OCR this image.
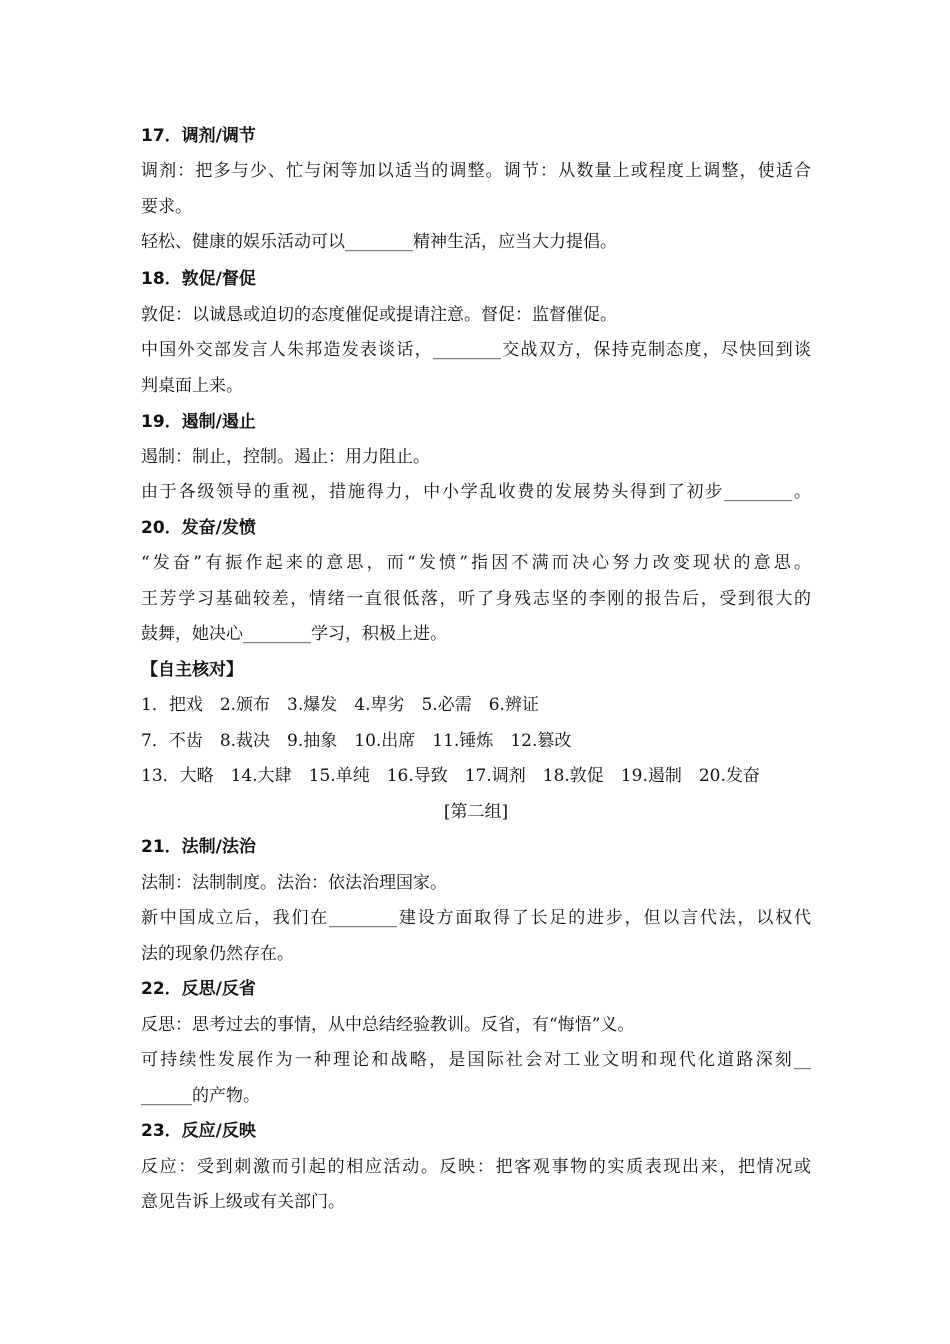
17．调剂/调节
调剂：把多与少、忙与闲等加以适当的调整。调节：从数量上或程度上调整，使适合
要求。
轻松、健康的娱乐活动可以________精神生活，应当大力提倡。
18．敦促/督促
敦促：以诚恳或迫切的态度催促或提请注意。督促：监督催促。
中国外交部发言人朱邦造发表谈话，________交战双方，保持克制态度，尽快回到谈
判桌面上来。
19．遏制/遏止
遏制：制止，控制。遏止：用力阻止。
由于各级领导的重视，措施得力，中小学乱收费的发展势头得到了初步________。
20．发奋/发愤
“发奋”有振作起来的意思，而“发愤”指因不满而决心努力改变现状的意思。
王芳学习基础较差，情绪一直很低落，听了身残志坚的李刚的报告后，受到很大的
鼓舞，她决心________学习，积极上进。
【自主核对】
1．把戏　2.颁布　3.爆发　4.卑劣　5.必需　6.辨证
7．不齿　8.裁决　9.抽象　10.出席　11.锤炼　12.篡改
13．大略　14.大肆　15.单纯　16.导致　17.调剂　18.敦促　19.遏制　20.发奋
[第二组]
21．法制/法治
法制：法制制度。法治：依法治理国家。
新中国成立后，我们在________建设方面取得了长足的进步，但以言代法，以权代
法的现象仍然存在。
22．反思/反省
反思：思考过去的事情，从中总结经验教训。反省，有“悔悟”义。
可持续性发展作为一种理论和战略，是国际社会对工业文明和现代化道路深刻__
______的产物。
23．反应/反映
反应：受到刺激而引起的相应活动。反映：把客观事物的实质表现出来，把情况或
意见告诉上级或有关部门。
